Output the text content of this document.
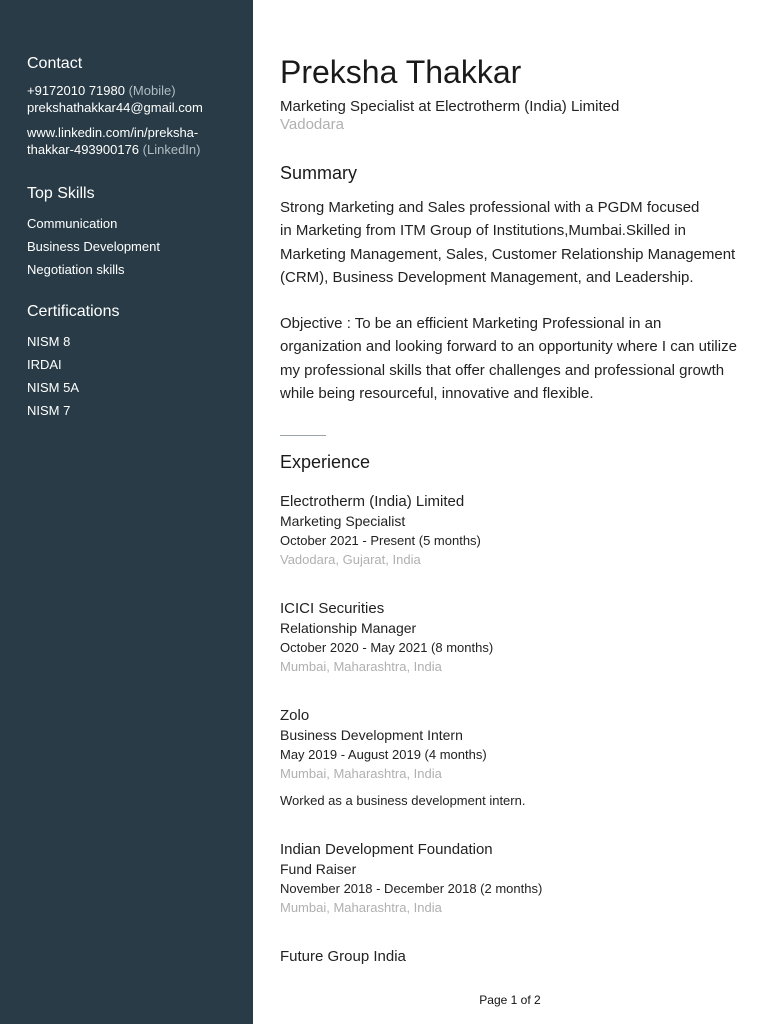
Contact
+9172010 71980 (Mobile)
prekshathakkar44@gmail.com
www.linkedin.com/in/preksha-
thakkar-493900176 (LinkedIn)
Top Skills
Communication
Business Development
Negotiation skills
Certifications
NISM 8
IRDAI
NISM 5A
NISM 7
Preksha Thakkar
Marketing Specialist at Electrotherm (India) Limited
Vadodara
Summary
Strong Marketing and Sales professional with a PGDM focused
in Marketing from ITM Group of Institutions,Mumbai.Skilled in
Marketing Management, Sales, Customer Relationship Management
(CRM), Business Development Management, and Leadership.
Objective : To be an efficient Marketing Professional in an
organization and looking forward to an opportunity where I can utilize
my professional skills that offer challenges and professional growth
while being resourceful, innovative and flexible.
Experience
Electrotherm (India) Limited
Marketing Specialist
October 2021 - Present (5 months)
Vadodara, Gujarat, India
ICICI Securities
Relationship Manager
October 2020 - May 2021 (8 months)
Mumbai, Maharashtra, India
Zolo
Business Development Intern
May 2019 - August 2019 (4 months)
Mumbai, Maharashtra, India
Worked as a business development intern.
Indian Development Foundation
Fund Raiser
November 2018 - December 2018 (2 months)
Mumbai, Maharashtra, India
Future Group India
Page 1 of 2
